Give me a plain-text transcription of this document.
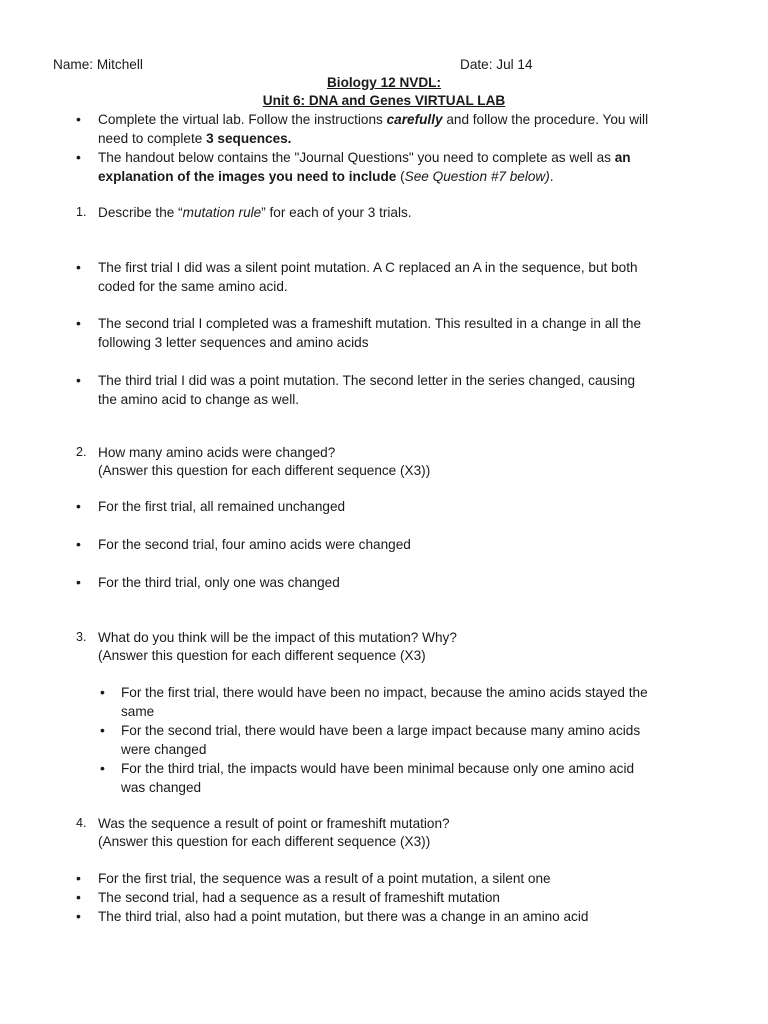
Name: Mitchell	Date: Jul 14
Biology 12 NVDL:
Unit 6: DNA and Genes VIRTUAL LAB
• Complete the virtual lab. Follow the instructions carefully and follow the procedure. You will
need to complete 3 sequences.
• The handout below contains the "Journal Questions" you need to complete as well as an
explanation of the images you need to include (See Question #7 below).
1. Describe the “mutation rule” for each of your 3 trials.
• The first trial I did was a silent point mutation. A C replaced an A in the sequence, but both
coded for the same amino acid.
• The second trial I completed was a frameshift mutation. This resulted in a change in all the
following 3 letter sequences and amino acids
• The third trial I did was a point mutation. The second letter in the series changed, causing
the amino acid to change as well.
2. How many amino acids were changed?
(Answer this question for each different sequence (X3))
• For the first trial, all remained unchanged
• For the second trial, four amino acids were changed
• For the third trial, only one was changed
3. What do you think will be the impact of this mutation? Why?
(Answer this question for each different sequence (X3)
• For the first trial, there would have been no impact, because the amino acids stayed the
same
• For the second trial, there would have been a large impact because many amino acids
were changed
• For the third trial, the impacts would have been minimal because only one amino acid
was changed
4. Was the sequence a result of point or frameshift mutation?
(Answer this question for each different sequence (X3))
• For the first trial, the sequence was a result of a point mutation, a silent one
• The second trial, had a sequence as a result of frameshift mutation
• The third trial, also had a point mutation, but there was a change in an amino acid
